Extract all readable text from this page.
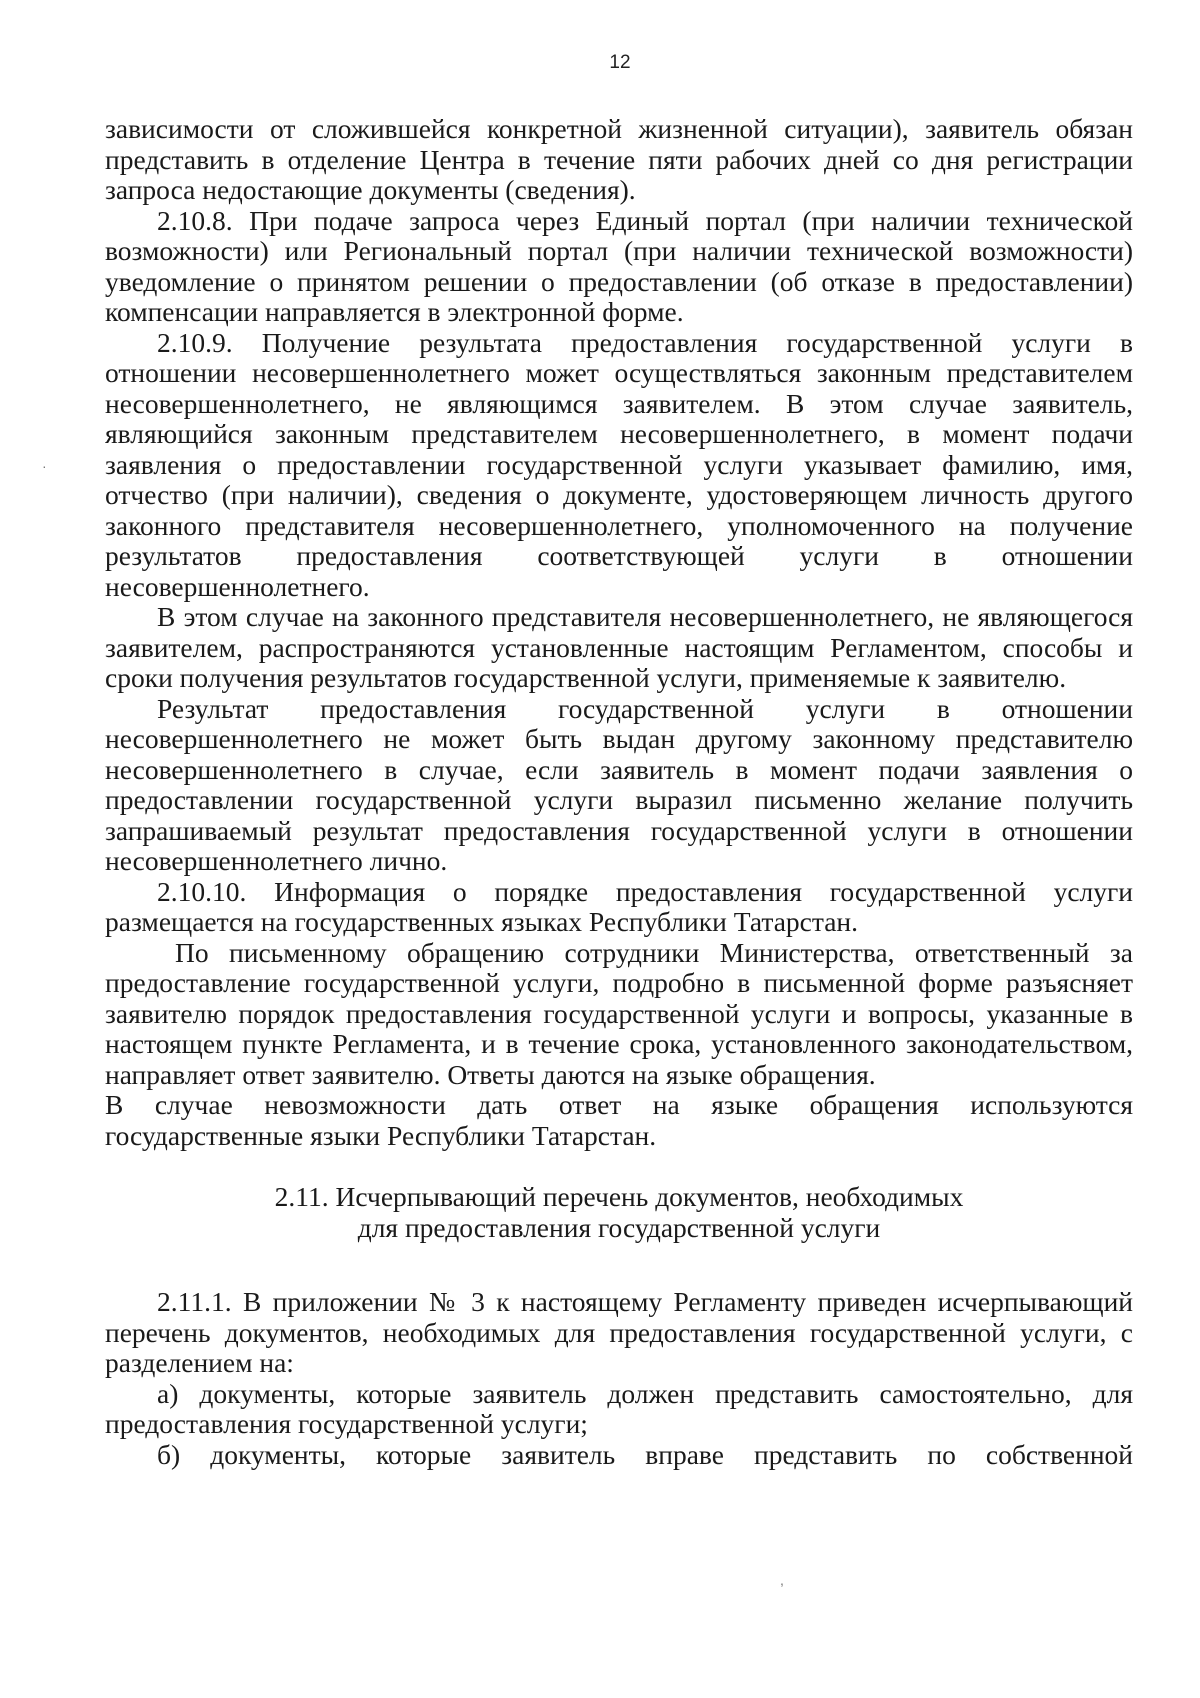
12
·
,

зависимости от сложившейся конкретной жизненной ситуации), заявитель обязан представить в отделение Центра в течение пяти рабочих дней со дня регистрации запроса недостающие документы (сведения).

2.10.8. При подаче запроса через Единый портал (при наличии технической возможности) или Региональный портал (при наличии технической возможности) уведомление о принятом решении о предоставлении (об отказе в предоставлении) компенсации направляется в электронной форме.

2.10.9. Получение результата предоставления государственной услуги в отношении несовершеннолетнего может осуществляться законным представителем несовершеннолетнего, не являющимся заявителем. В этом случае заявитель, являющийся законным представителем несовершеннолетнего, в момент подачи заявления о предоставлении государственной услуги указывает фамилию, имя, отчество (при наличии), сведения о документе, удостоверяющем личность другого законного представителя несовершеннолетнего, уполномоченного на получение результатов предоставления соответствующей услуги в отношении несовершеннолетнего.

В этом случае на законного представителя несовершеннолетнего, не являющегося заявителем, распространяются установленные настоящим Регламентом, способы и сроки получения результатов государственной услуги, применяемые к заявителю.

Результат предоставления государственной услуги в отношении несовершеннолетнего не может быть выдан другому законному представителю несовершеннолетнего в случае, если заявитель в момент подачи заявления о предоставлении государственной услуги выразил письменно желание получить запрашиваемый результат предоставления государственной услуги в отношении несовершеннолетнего лично.

2.10.10. Информация о порядке предоставления государственной услуги размещается на государственных языках Республики Татарстан.

По письменному обращению сотрудники Министерства, ответственный за предоставление государственной услуги, подробно в письменной форме разъясняет заявителю порядок предоставления государственной услуги и вопросы, указанные в настоящем пункте Регламента, и в течение срока, установленного законодательством, направляет ответ заявителю. Ответы даются на языке обращения.

В случае невозможности дать ответ на языке обращения используются государственные языки Республики Татарстан.

2.11. Исчерпывающий перечень документов, необходимых
для предоставления государственной услуги

2.11.1. В приложении № 3 к настоящему Регламенту приведен исчерпывающий перечень документов, необходимых для предоставления государственной услуги, с разделением на:

а) документы, которые заявитель должен представить самостоятельно, для предоставления государственной услуги;

б) документы, которые заявитель вправе представить по собственной
